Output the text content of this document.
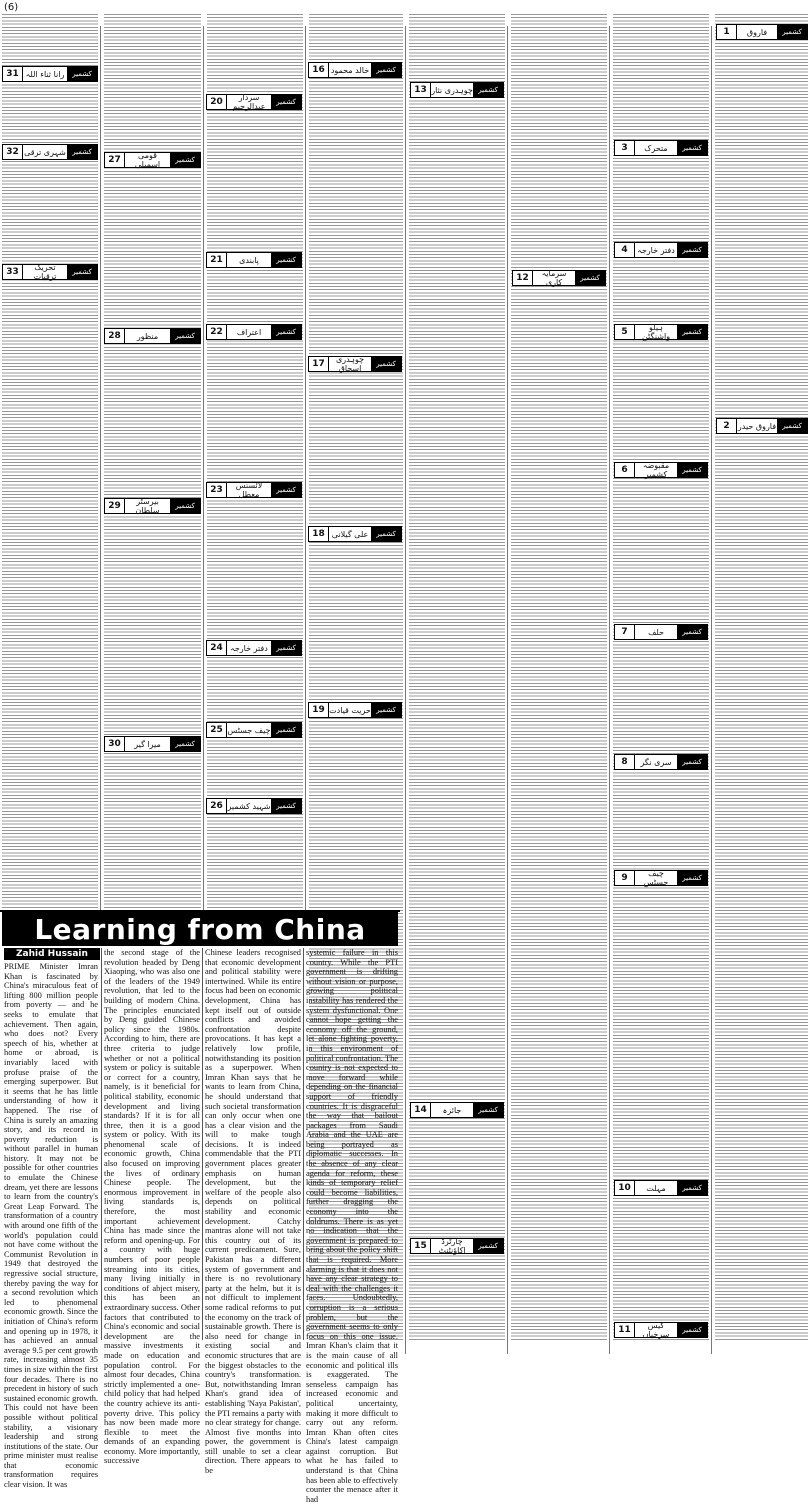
(6)
1	فاروق	کشمیر
2	فاروق حیدر کشمیر
3	متحرک	کشمیر
4	دفتر خارجہ	کشمیر
5	ہیلو واشنگٹن	کشمیر
6	مقبوضہ کشمیر	کشمیر
7	حلف	کشمیر
8	سری نگر	کشمیر
9	چیف جسٹس	کشمیر
10	مہلت	کشمیر
11	کیس سرخیاں	کشمیر
12	سرمایہ کاری	کشمیر
13 چوہدری نثار کشمیر
14	جائزہ	کشمیر
15	چارٹرڈ اکاؤنٹنٹ	کشمیر
16 خالد محمود	کشمیر
17	چوہدری اسحاق	کشمیر
18 علی گیلانی	کشمیر
19 حریت قیادت کشمیر
20	سردار عبدالرحیم	کشمیر
21	پابندی	کشمیر
22	اعتراف	کشمیر
23	لائسنس معطل	کشمیر
24 دفتر خارجہ	کشمیر
25 چیف جسٹس کشمیر
26 شہید کشمیر کشمیر
27	قومی اسمبلی	کشمیر
28	منظور	کشمیر
29	بیرسٹر سلطان	کشمیر
30	میرا گیر	کشمیر
31 رانا ثناء اللہ	کشمیر
32 شہری ترقی کشمیر
33	تحریک ترقیات	کشمیر
Learning from China
Zahid Hussain
PRIME Minister Imran Khan is fascinated by China's miraculous feat of lifting 800 million people from poverty — and he seeks to emulate that achievement. Then again, who does not? Every speech of his, whether at home or abroad, is invariably laced with profuse praise of the emerging superpower. But it seems that he has little understanding of how it happened. The rise of China is surely an amazing story, and its record in poverty reduction is without parallel in human history. It may not be possible for other countries to emulate the Chinese dream, yet there are lessons to learn from the country's Great Leap Forward. The transformation of a country with around one fifth of the world's population could not have come without the Communist Revolution in 1949 that destroyed the regressive social structure, thereby paving the way for a second revolution which led to phenomenal economic growth. Since the initiation of China's reform and opening up in 1978, it has achieved an annual average 9.5 per cent growth rate, increasing almost 35 times in size within the first four decades. There is no precedent in history of such sustained economic growth. This could not have been possible without political stability, a visionary leadership and strong institutions of the state. Our prime minister must realise that economic transformation requires clear vision. It was
the second stage of the revolution headed by Deng Xiaoping, who was also one of the leaders of the 1949 revolution, that led to the building of modern China. The principles enunciated by Deng guided Chinese policy since the 1980s. According to him, there are three criteria to judge whether or not a political system or policy is suitable or correct for a country, namely, is it beneficial for political stability, economic development and living standards? If it is for all three, then it is a good system or policy. With its phenomenal scale of economic growth, China also focused on improving the lives of ordinary Chinese people. The enormous improvement in living standards is, therefore, the most important achievement China has made since the reform and opening-up. For a country with huge numbers of poor people streaming into its cities, many living initially in conditions of abject misery, this has been an extraordinary success. Other factors that contributed to China's economic and social development are the massive investments it made on education and population control. For almost four decades, China strictly implemented a one-child policy that had helped the country achieve its anti-poverty drive. This policy has now been made more flexible to meet the demands of an expanding economy. More importantly, successive
Chinese leaders recognised that economic development and political stability were intertwined. While its entire focus had been on economic development, China has kept itself out of outside conflicts and avoided confrontation despite provocations. It has kept a relatively low profile, notwithstanding its position as a superpower. When Imran Khan says that he wants to learn from China, he should understand that such societal transformation can only occur when one has a clear vision and the will to make tough decisions. It is indeed commendable that the PTI government places greater emphasis on human development, but the welfare of the people also depends on political stability and economic development. Catchy mantras alone will not take this country out of its current predicament. Sure, Pakistan has a different system of government and there is no revolutionary party at the helm, but it is not difficult to implement some radical reforms to put the economy on the track of sustainable growth. There is also need for change in existing social and economic structures that are the biggest obstacles to the country's transformation. But, notwithstanding Imran Khan's grand idea of establishing 'Naya Pakistan', the PTI remains a party with no clear strategy for change. Almost five months into power, the government is still unable to set a clear direction. There appears to be
systemic failure in this country. While the PTI government is drifting without vision or purpose, growing political instability has rendered the system dysfunctional. One cannot hope getting the economy off the ground, let alone fighting poverty, in this environment of political confrontation. The country is not expected to move forward while depending on the financial support of friendly countries. It is disgraceful the way that bailout packages from Saudi Arabia and the UAE are being portrayed as diplomatic successes. In the absence of any clear agenda for reform, these kinds of temporary relief could become liabilities, further dragging the economy into the doldrums. There is as yet no indication that the government is prepared to bring about the policy shift that is required. More alarming is that it does not have any clear strategy to deal with the challenges it faces. Undoubtedly, corruption is a serious problem, but the government seems to only focus on this one issue. Imran Khan's claim that it is the main cause of all economic and political ills is exaggerated. The senseless campaign has increased economic and political uncertainty, making it more difficult to carry out any reform. Imran Khan often cites China's latest campaign against corruption. But what he has failed to understand is that China has been able to effectively counter the menace after it had
